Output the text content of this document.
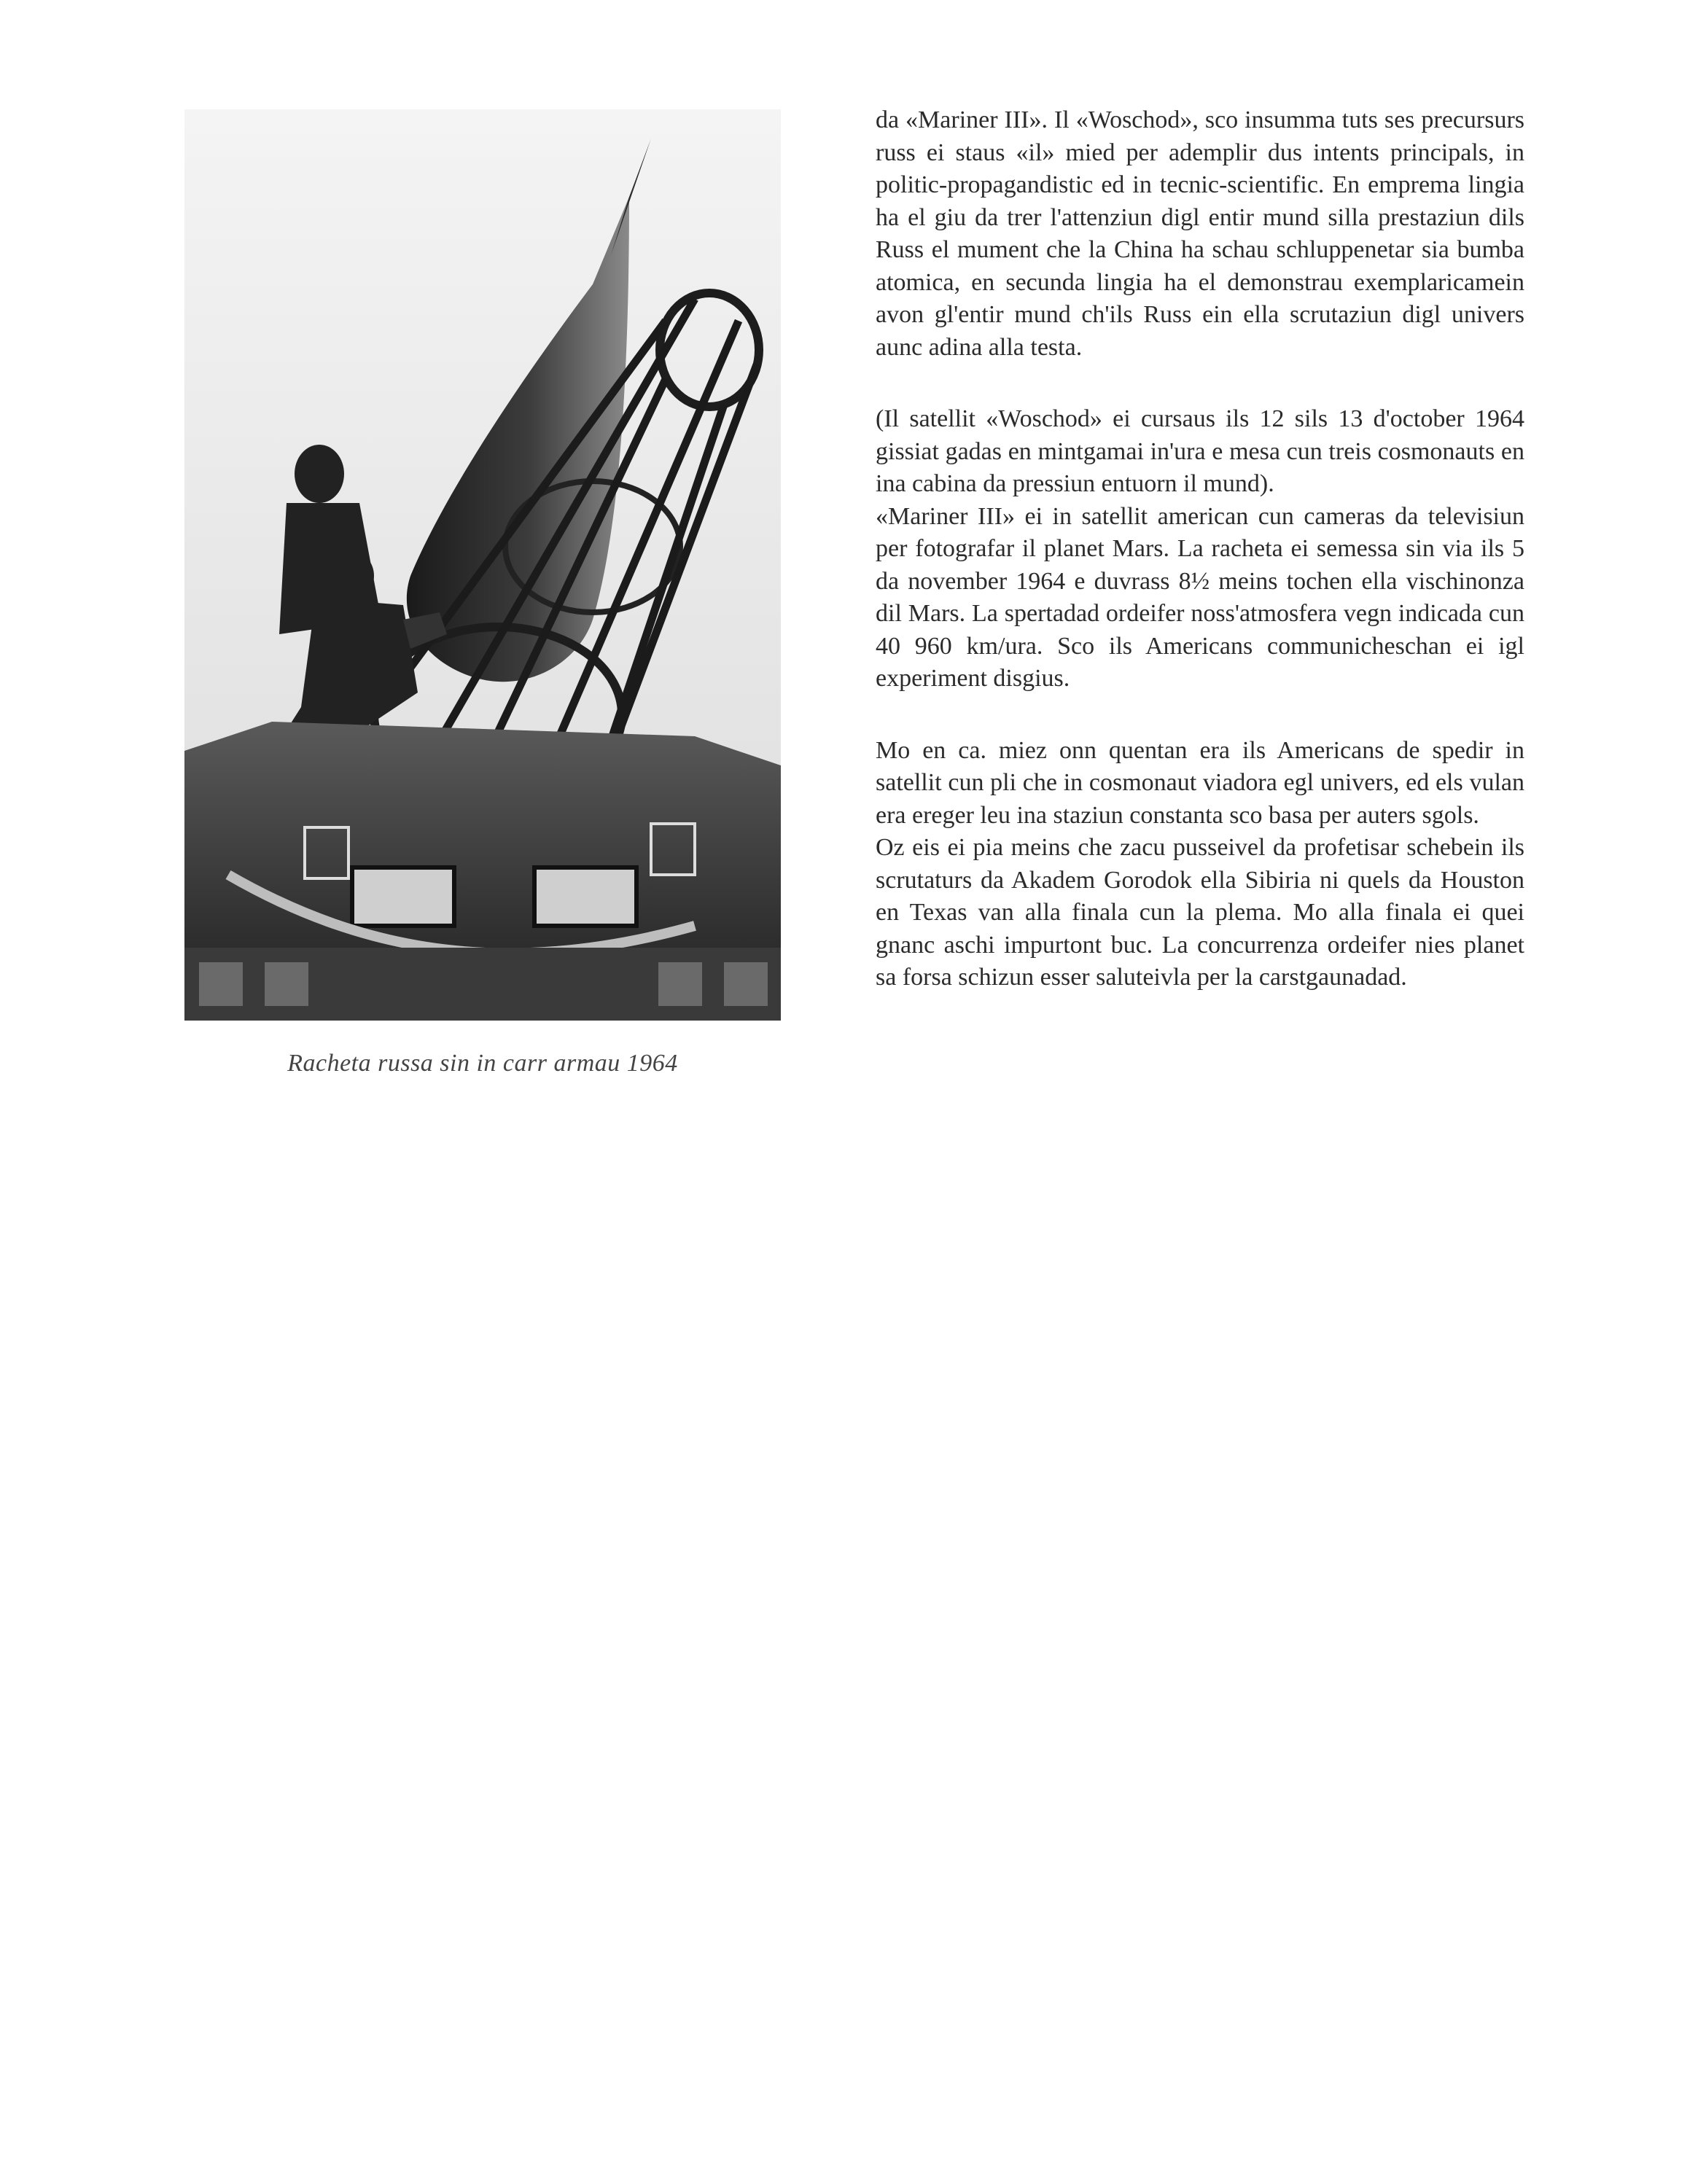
Racheta russa sin in carr armau 1964

da «Mariner III». Il «Woschod», sco insumma tuts ses precursurs russ ei staus «il» mied per ademplir dus intents principals, in politic-propagandistic ed in tecnic-scientific. En emprema lingia ha el giu da trer l'attenziun digl entir mund silla prestaziun dils Russ el mument che la China ha schau schluppenetar sia bumba atomica, en secunda lingia ha el demonstrau exemplaricamein avon gl'entir mund ch'ils Russ ein ella scrutaziun digl univers aunc adina alla testa.

(Il satellit «Woschod» ei cursaus ils 12 sils 13 d'october 1964 gissiat gadas en mintgamai in'ura e mesa cun treis cosmonauts en ina cabina da pressiun entuorn il mund).

«Mariner III» ei in satellit american cun cameras da televisiun per fotografar il planet Mars. La racheta ei semessa sin via ils 5 da november 1964 e duvrass 8½ meins tochen ella vischinonza dil Mars. La spertadad ordeifer noss'atmosfera vegn indicada cun 40 960 km/ura. Sco ils Americans communicheschan ei igl experiment disgius.

Mo en ca. miez onn quentan era ils Americans de spedir in satellit cun pli che in cosmonaut viadora egl univers, ed els vulan era ereger leu ina staziun constanta sco basa per auters sgols.

Oz eis ei pia meins che zacu pusseivel da profetisar schebein ils scrutaturs da Akadem Gorodok ella Sibiria ni quels da Houston en Texas van alla finala cun la plema. Mo alla finala ei quei gnanc aschi impurtont buc. La concurrenza ordeifer nies planet sa forsa schizun esser saluteivla per la carstgaunadad.
